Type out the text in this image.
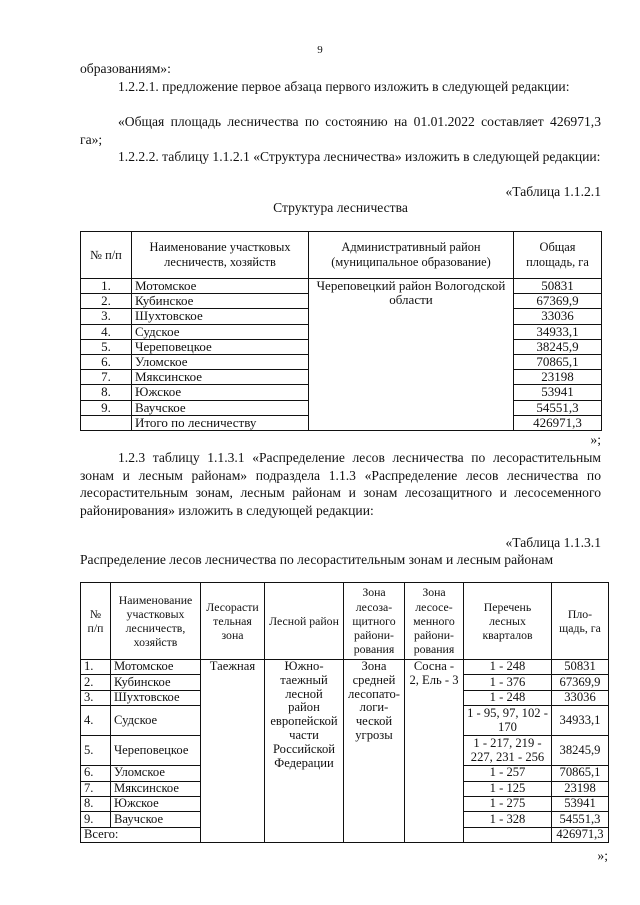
9
образованиям»:
1.2.2.1. предложение первое абзаца первого изложить в следующей редакции:
«Общая площадь лесничества по состоянию на 01.01.2022 составляет 426971,3 га»;
1.2.2.2. таблицу 1.1.2.1 «Структура лесничества» изложить в следующей редакции:
«Таблица 1.1.2.1
Структура лесничества
№ п/п	Наименование участковых лесничеств, хозяйств	Административный район (муниципальное образование)	Общая площадь, га
1.	Мотомское	Череповецкий район Вологодской области	50831
2.	Кубинское		67369,9
3.	Шухтовское		33036
4.	Судское		34933,1
5.	Череповецкое		38245,9
6.	Уломское		70865,1
7.	Мяксинское		23198
8.	Южское		53941
9.	Ваучское		54551,3
	Итого по лесничеству		426971,3
»;
1.2.3 таблицу 1.1.3.1 «Распределение лесов лесничества по лесорастительным зонам и лесным районам» подраздела 1.1.3 «Распределение лесов лесничества по лесорастительным зонам, лесным районам и зонам лесозащитного и лесосеменного районирования» изложить в следующей редакции:
«Таблица 1.1.3.1
Распределение лесов лесничества по лесорастительным зонам и лесным районам
№ п/п	Наименование участковых лесничеств, хозяйств	Лесорасти тельная зона	Лесной район	Зона лесоза- щитного райони- рования	Зона лесосе- менного райони- рования	Перечень лесных кварталов	Пло- щадь, га
1.	Мотомское	Таежная	Южно- таежный лесной район европейской части Российской Федерации	Зона средней лесопато- логи- ческой угрозы	Сосна - 2, Ель - 3	1 - 248	50831
2.	Кубинское					1 - 376	67369,9
3.	Шухтовское					1 - 248	33036
4.	Судское					1 - 95, 97, 102 - 170	34933,1
5.	Череповецкое					1 - 217, 219 - 227, 231 - 256	38245,9
6.	Уломское					1 - 257	70865,1
7.	Мяксинское					1 - 125	23198
8.	Южское					1 - 275	53941
9.	Ваучское					1 - 328	54551,3
Всего:							426971,3
»;
